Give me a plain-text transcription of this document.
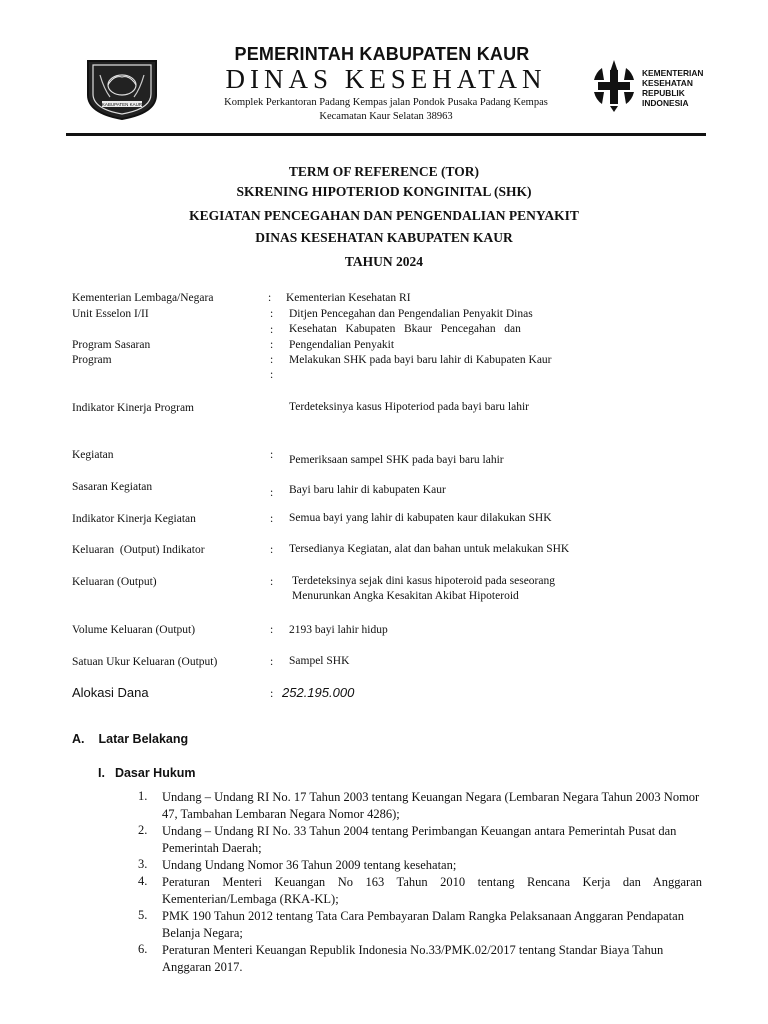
KABUPATEN KAUR
PEMERINTAH KABUPATEN KAUR
DINAS KESEHATAN
Komplek Perkantoran Padang Kempas jalan Pondok Pusaka Padang Kempas
Kecamatan Kaur Selatan 38963
KEMENTERIAN
KESEHATAN
REPUBLIK
INDONESIA
TERM OF REFERENCE (TOR)
SKRENING HIPOTERIOD KONGINITAL (SHK)
KEGIATAN PENCEGAHAN DAN PENGENDALIAN PENYAKIT
DINAS KESEHATAN KABUPATEN KAUR
TAHUN 2024
Kementerian Lembaga/Negara	: Kementerian Kesehatan RI
Unit Esselon I/II	: Ditjen Pencegahan dan Pengendalian Penyakit Dinas
: Kesehatan   Kabupaten   Bkaur   Pencegahan   dan
Program Sasaran	: Pengendalian Penyakit
Program	: Melakukan SHK pada bayi baru lahir di Kabupaten Kaur
:
Indikator Kinerja Program	Terdeteksinya kasus Hipoteriod pada bayi baru lahir
Kegiatan	: Pemeriksaan sampel SHK pada bayi baru lahir
Sasaran Kegiatan	: Bayi baru lahir di kabupaten Kaur
Indikator Kinerja Kegiatan	: Semua bayi yang lahir di kabupaten kaur dilakukan SHK
Keluaran  (Output) Indikator	: Tersedianya Kegiatan, alat dan bahan untuk melakukan SHK
Keluaran (Output)	: Terdeteksinya sejak dini kasus hipoteroid pada seseorang
Menurunkan Angka Kesakitan Akibat Hipoteroid
Volume Keluaran (Output)	: 2193 bayi lahir hidup
Satuan Ukur Keluaran (Output)	: Sampel SHK
Alokasi Dana	: 252.195.000
A. Latar Belakang
I. Dasar Hukum
1. Undang – Undang RI No. 17 Tahun 2003 tentang Keuangan Negara (Lembaran Negara Tahun 2003 Nomor 47, Tambahan Lembaran Negara Nomor 4286);
2. Undang – Undang RI No. 33 Tahun 2004 tentang Perimbangan Keuangan antara Pemerintah Pusat dan Pemerintah Daerah;
3. Undang Undang Nomor 36 Tahun 2009 tentang kesehatan;
4. Peraturan Menteri Keuangan No 163 Tahun 2010 tentang Rencana Kerja dan Anggaran Kementerian/Lembaga (RKA-KL);
5. PMK 190 Tahun 2012 tentang Tata Cara Pembayaran Dalam Rangka Pelaksanaan Anggaran Pendapatan Belanja Negara;
6. Peraturan Menteri Keuangan Republik Indonesia No.33/PMK.02/2017 tentang Standar Biaya Tahun Anggaran 2017.
